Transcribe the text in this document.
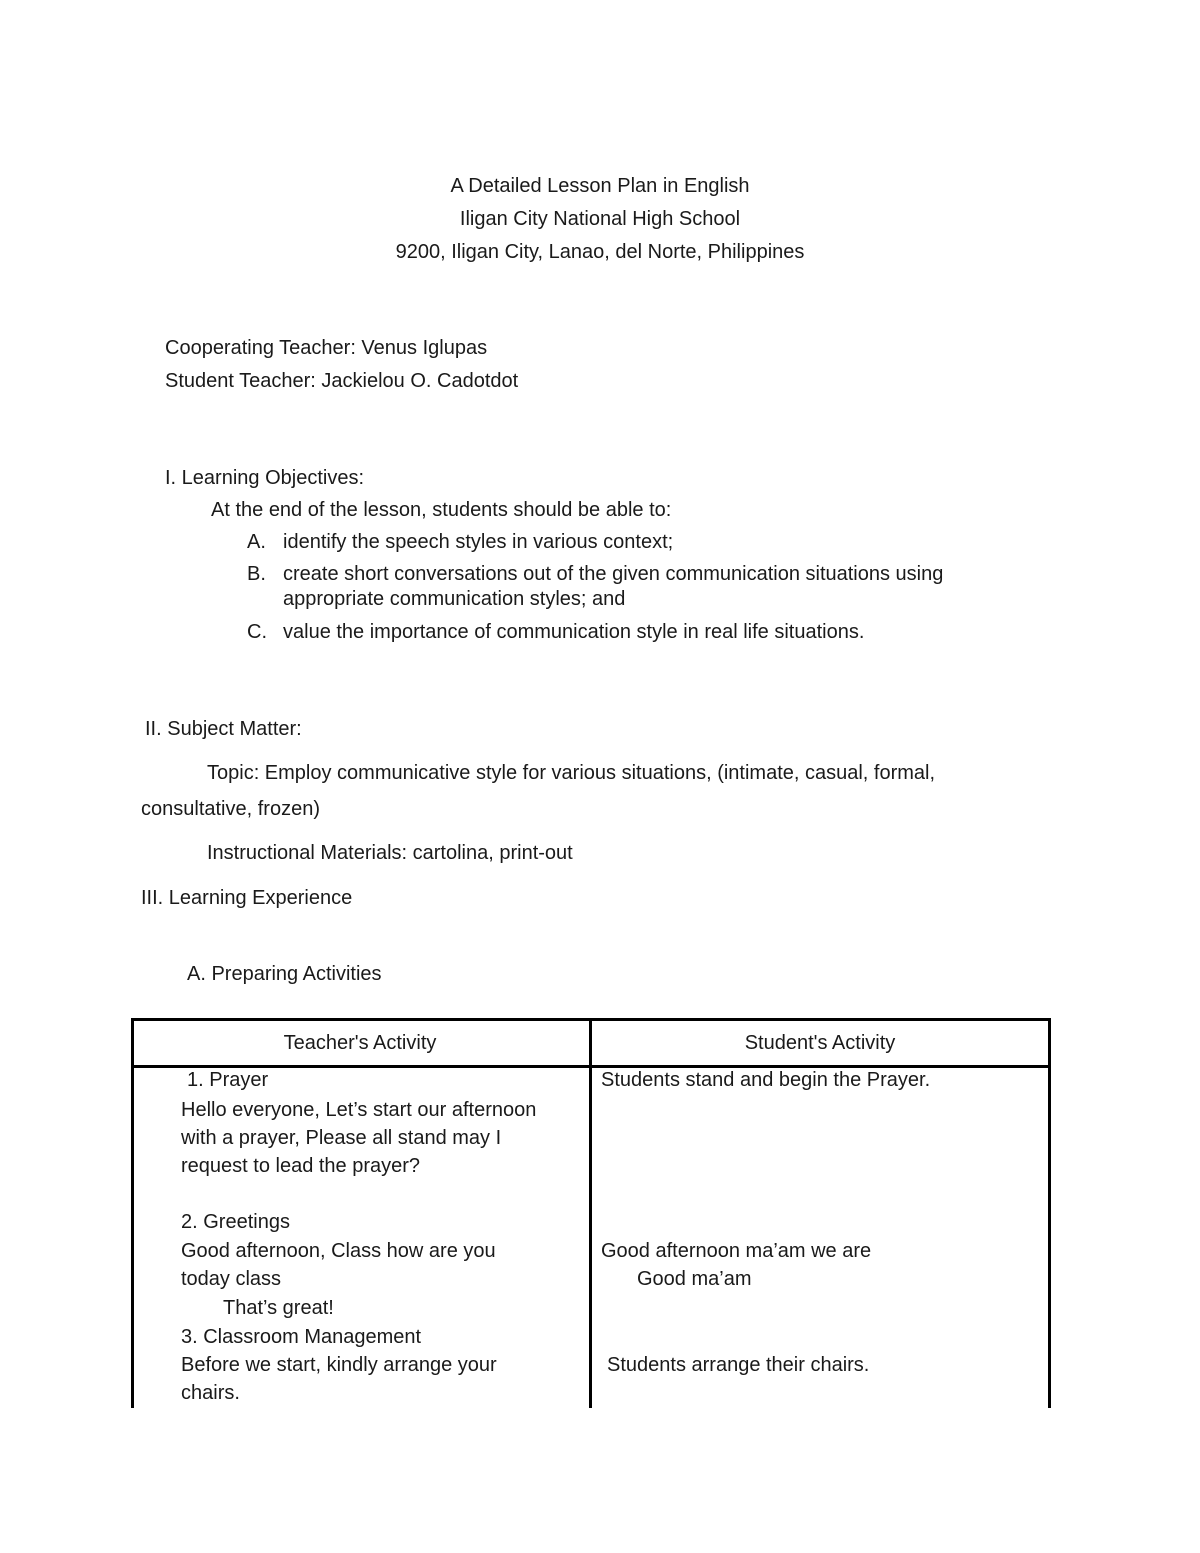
A Detailed Lesson Plan in English
Iligan City National High School
9200, Iligan City, Lanao, del Norte, Philippines
Cooperating Teacher: Venus Iglupas
Student Teacher: Jackielou O. Cadotdot
I. Learning Objectives:
At the end of the lesson, students should be able to:
A. identify the speech styles in various context;
B. create short conversations out of the given communication situations using
appropriate communication styles; and
C. value the importance of communication style in real life situations.
II. Subject Matter:
Topic: Employ communicative style for various situations, (intimate, casual, formal,
consultative, frozen)
Instructional Materials: cartolina, print-out
III. Learning Experience
A. Preparing Activities
Teacher's Activity	Student's Activity
1. Prayer
Hello everyone, Let’s start our afternoon
with a prayer, Please all stand may I
request to lead the prayer?
2. Greetings
Good afternoon, Class how are you
today class
That’s great!
3. Classroom Management
Before we start, kindly arrange your
chairs.
Students stand and begin the Prayer.
Good afternoon ma’am we are
Good ma’am
Students arrange their chairs.
